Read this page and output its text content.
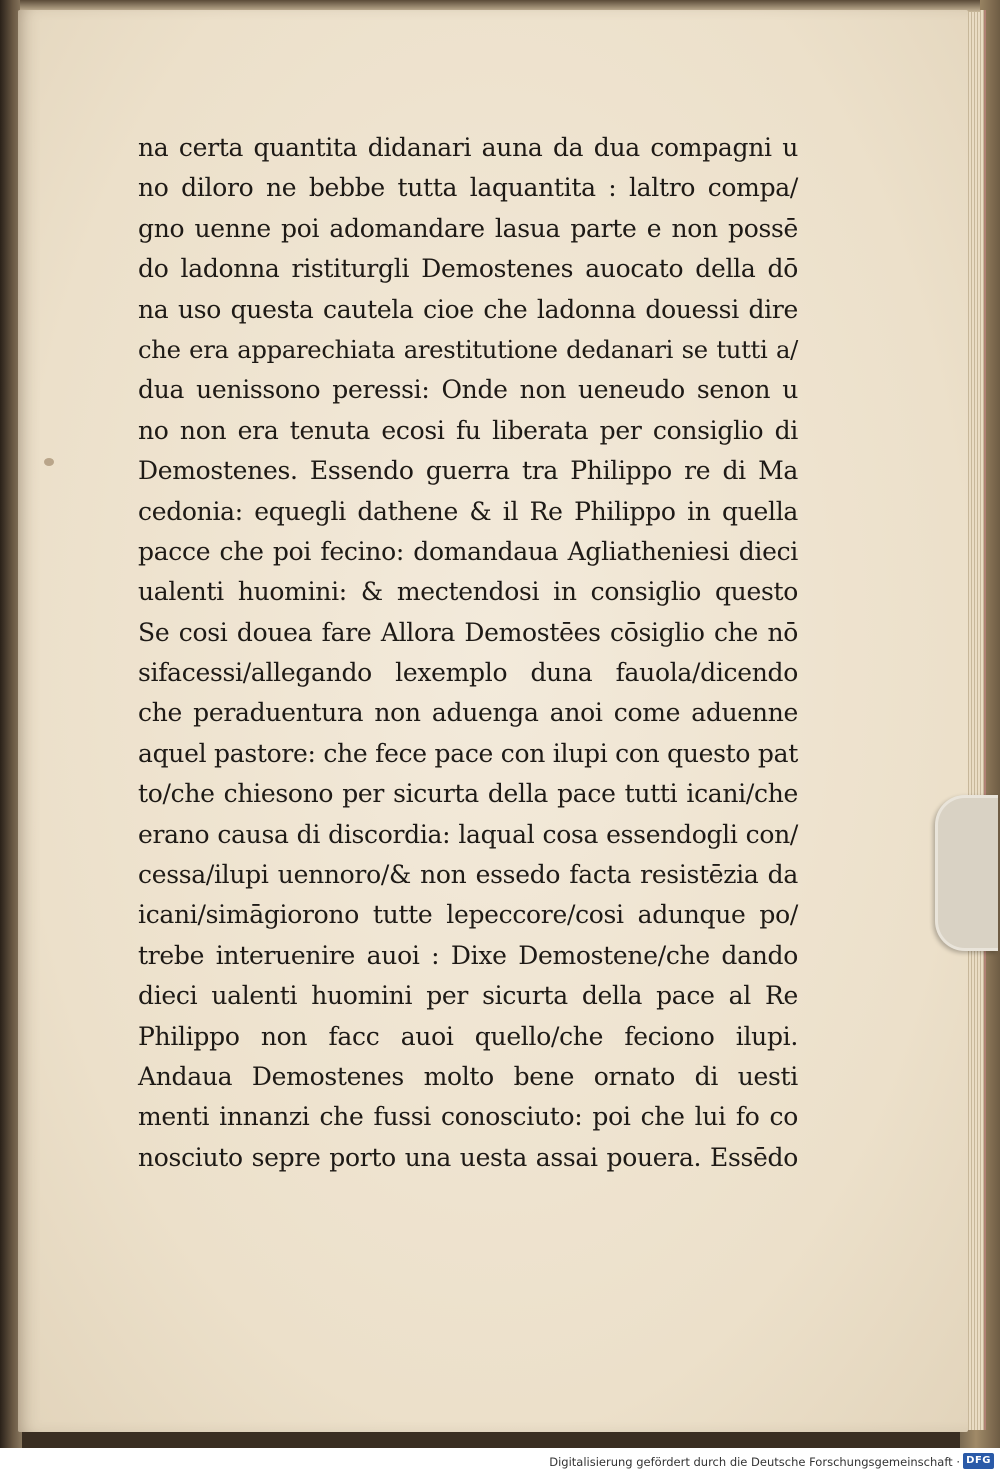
na certa quantita didanari auna da dua compagni u
no diloro ne bebbe tutta laquantita : laltro compa/
gno uenne poi adomandare lasua parte e non possē
do ladonna ristiturgli Demostenes auocato della dō
na uso questa cautela cioe che ladonna douessi dire
che era apparechiata arestitutione dedanari se tutti a/
dua uenissono peressi: Onde non ueneudo senon u
no non era tenuta ecosi fu liberata per consiglio di
Demostenes. Essendo guerra tra Philippo re di Ma
cedonia: equegli dathene & il Re Philippo in quella
pacce che poi fecino: domandaua Agliatheniesi dieci
ualenti huomini: & mectendosi in consiglio questo
Se cosi douea fare Allora Demostēes cōsiglio che nō
sifacessi/allegando lexemplo duna fauola/dicendo
che peraduentura non aduenga anoi come aduenne
aquel pastore: che fece pace con ilupi con questo pat
to/che chiesono per sicurta della pace tutti icani/che
erano causa di discordia: laqual cosa essendogli con/
cessa/ilupi uennoro/& non essedo facta resistēzia da
icani/simāgiorono tutte lepeccore/cosi adunque po/
trebe interuenire auoi : Dixe Demostene/che dando
dieci ualenti huomini per sicurta della pace al Re
Philippo non facc auoi quello/che feciono ilupi.
Andaua Demostenes molto bene ornato di uesti
menti innanzi che fussi conosciuto: poi che lui fo co
nosciuto sepre porto una uesta assai pouera. Essēdo
Digitalisierung gefördert durch die Deutsche Forschungsgemeinschaft · DFG
